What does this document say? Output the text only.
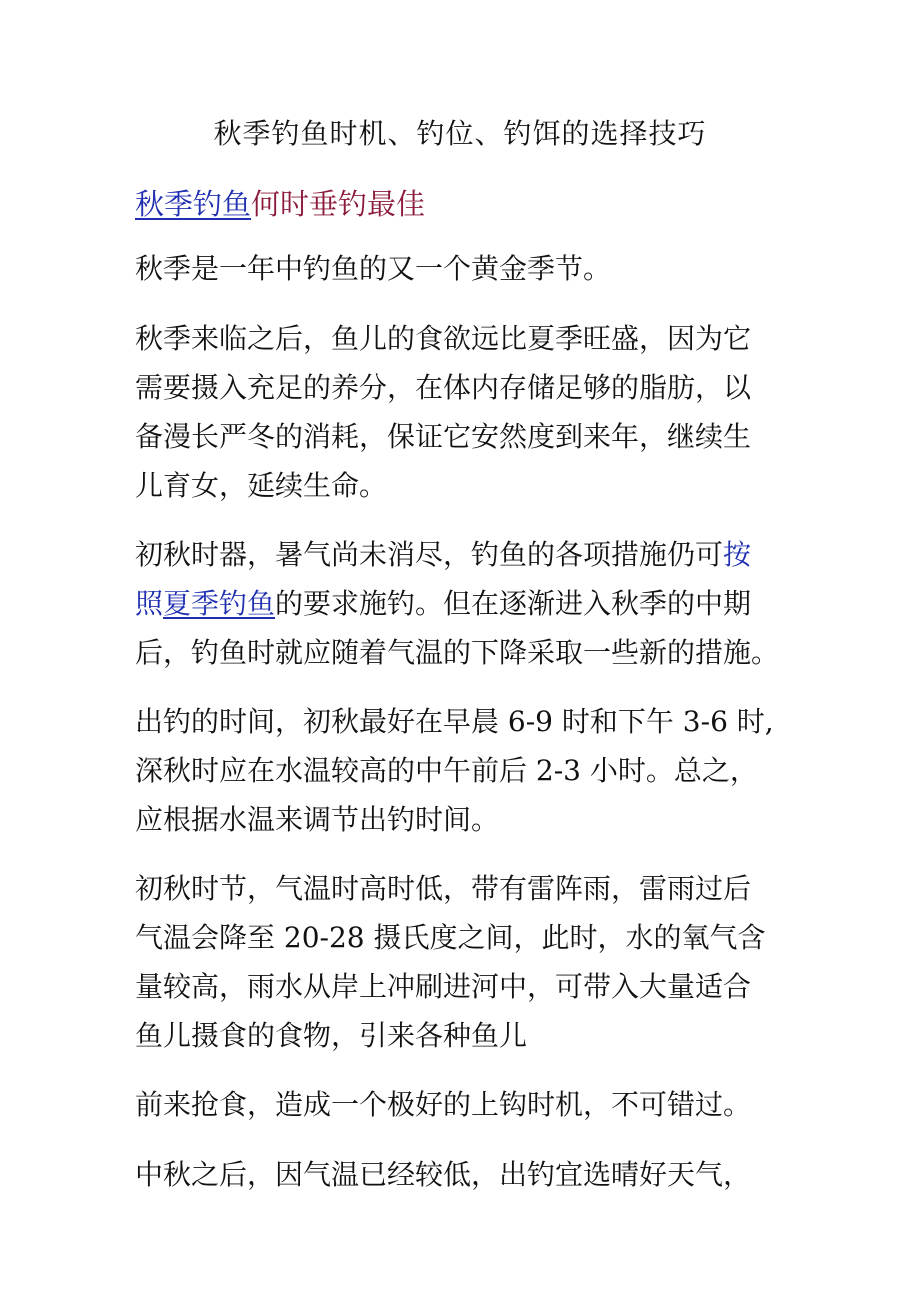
秋季钓鱼时机、钓位、钓饵的选择技巧
秋季钓鱼何时垂钓最佳
秋季是一年中钓鱼的又一个黄金季节。
秋季来临之后，鱼儿的食欲远比夏季旺盛，因为它
需要摄入充足的养分，在体内存储足够的脂肪，以
备漫长严冬的消耗，保证它安然度到来年，继续生
儿育女，延续生命。
初秋时器，暑气尚未消尽，钓鱼的各项措施仍可按
照夏季钓鱼的要求施钓。但在逐渐进入秋季的中期
后，钓鱼时就应随着气温的下降采取一些新的措施。
出钓的时间，初秋最好在早晨 6-9 时和下午 3-6 时,
深秋时应在水温较高的中午前后 2-3 小时。总之，
应根据水温来调节出钓时间。
初秋时节，气温时高时低，带有雷阵雨，雷雨过后
气温会降至 20-28 摄氏度之间，此时，水的氧气含
量较高，雨水从岸上冲刷进河中，可带入大量适合
鱼儿摄食的食物，引来各种鱼儿
前来抢食，造成一个极好的上钩时机，不可错过。
中秋之后，因气温已经较低，出钓宜选晴好天气，
